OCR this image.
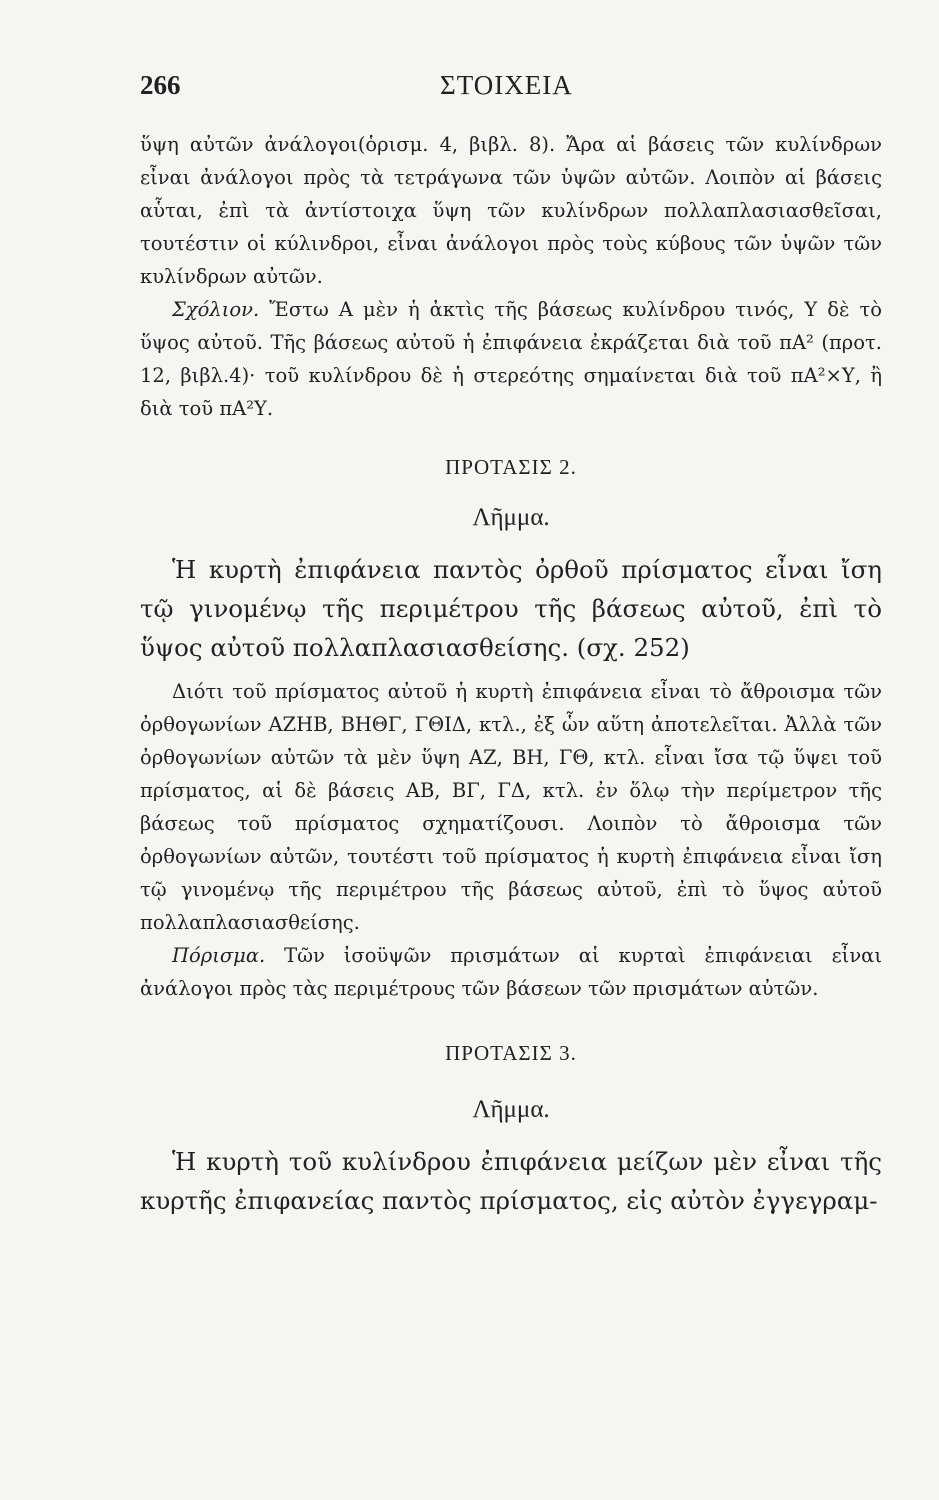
266	ΣΤΟΙΧΕΙΑ

ὕψη αὐτῶν ἀνάλογοι(ὁρισμ. 4, βιβλ. 8). Ἄρα αἱ βάσεις τῶν κυλίνδρων εἶναι ἀνάλογοι πρὸς τὰ τετράγωνα τῶν ὑψῶν αὐτῶν. Λοιπὸν αἱ βάσεις αὗται, ἐπὶ τὰ ἀντίστοιχα ὕψη τῶν κυλίνδρων πολλαπλασιασθεῖσαι, τουτέστιν οἱ κύλινδροι, εἶναι ἀνάλογοι πρὸς τοὺς κύβους τῶν ὑψῶν τῶν κυλίνδρων αὐτῶν.

Σχόλιον. Ἔστω Α μὲν ἡ ἀκτὶς τῆς βάσεως κυλίνδρου τινός, Υ δὲ τὸ ὕψος αὐτοῦ. Τῆς βάσεως αὐτοῦ ἡ ἐπιφάνεια ἐκράζεται διὰ τοῦ πΑ² (προτ. 12, βιβλ.4)· τοῦ κυλίνδρου δὲ ἡ στερεότης σημαίνεται διὰ τοῦ πΑ²×Υ, ἢ διὰ τοῦ πΑ²Υ.

ΠΡΟΤΑΣΙΣ 2.

Λῆμμα.

Ἡ κυρτὴ ἐπιφάνεια παντὸς ὀρθοῦ πρίσματος εἶναι ἴση τῷ γινομένῳ τῆς περιμέτρου τῆς βάσεως αὐτοῦ, ἐπὶ τὸ ὕψος αὐτοῦ πολλαπλασιασθείσης. (σχ. 252)

Διότι τοῦ πρίσματος αὐτοῦ ἡ κυρτὴ ἐπιφάνεια εἶναι τὸ ἄθροισμα τῶν ὀρθογωνίων ΑΖΗΒ, ΒΗΘΓ, ΓΘΙΔ, κτλ., ἐξ ὧν αὕτη ἀποτελεῖται. Ἀλλὰ τῶν ὀρθογωνίων αὐτῶν τὰ μὲν ὕψη ΑΖ, ΒΗ, ΓΘ, κτλ. εἶναι ἴσα τῷ ὕψει τοῦ πρίσματος, αἱ δὲ βάσεις ΑΒ, ΒΓ, ΓΔ, κτλ. ἐν ὅλῳ τὴν περίμετρον τῆς βάσεως τοῦ πρίσματος σχηματίζουσι. Λοιπὸν τὸ ἄθροισμα τῶν ὀρθογωνίων αὐτῶν, τουτέστι τοῦ πρίσματος ἡ κυρτὴ ἐπιφάνεια εἶναι ἴση τῷ γινομένῳ τῆς περιμέτρου τῆς βάσεως αὐτοῦ, ἐπὶ τὸ ὕψος αὐτοῦ πολλαπλασιασθείσης.

Πόρισμα. Τῶν ἰσοϋψῶν πρισμάτων αἱ κυρταὶ ἐπιφάνειαι εἶναι ἀνάλογοι πρὸς τὰς περιμέτρους τῶν βάσεων τῶν πρισμάτων αὐτῶν.

ΠΡΟΤΑΣΙΣ 3.

Λῆμμα.

Ἡ κυρτὴ τοῦ κυλίνδρου ἐπιφάνεια μείζων μὲν εἶναι τῆς κυρτῆς ἐπιφανείας παντὸς πρίσματος, εἰς αὐτὸν ἐγγεγραμ-
